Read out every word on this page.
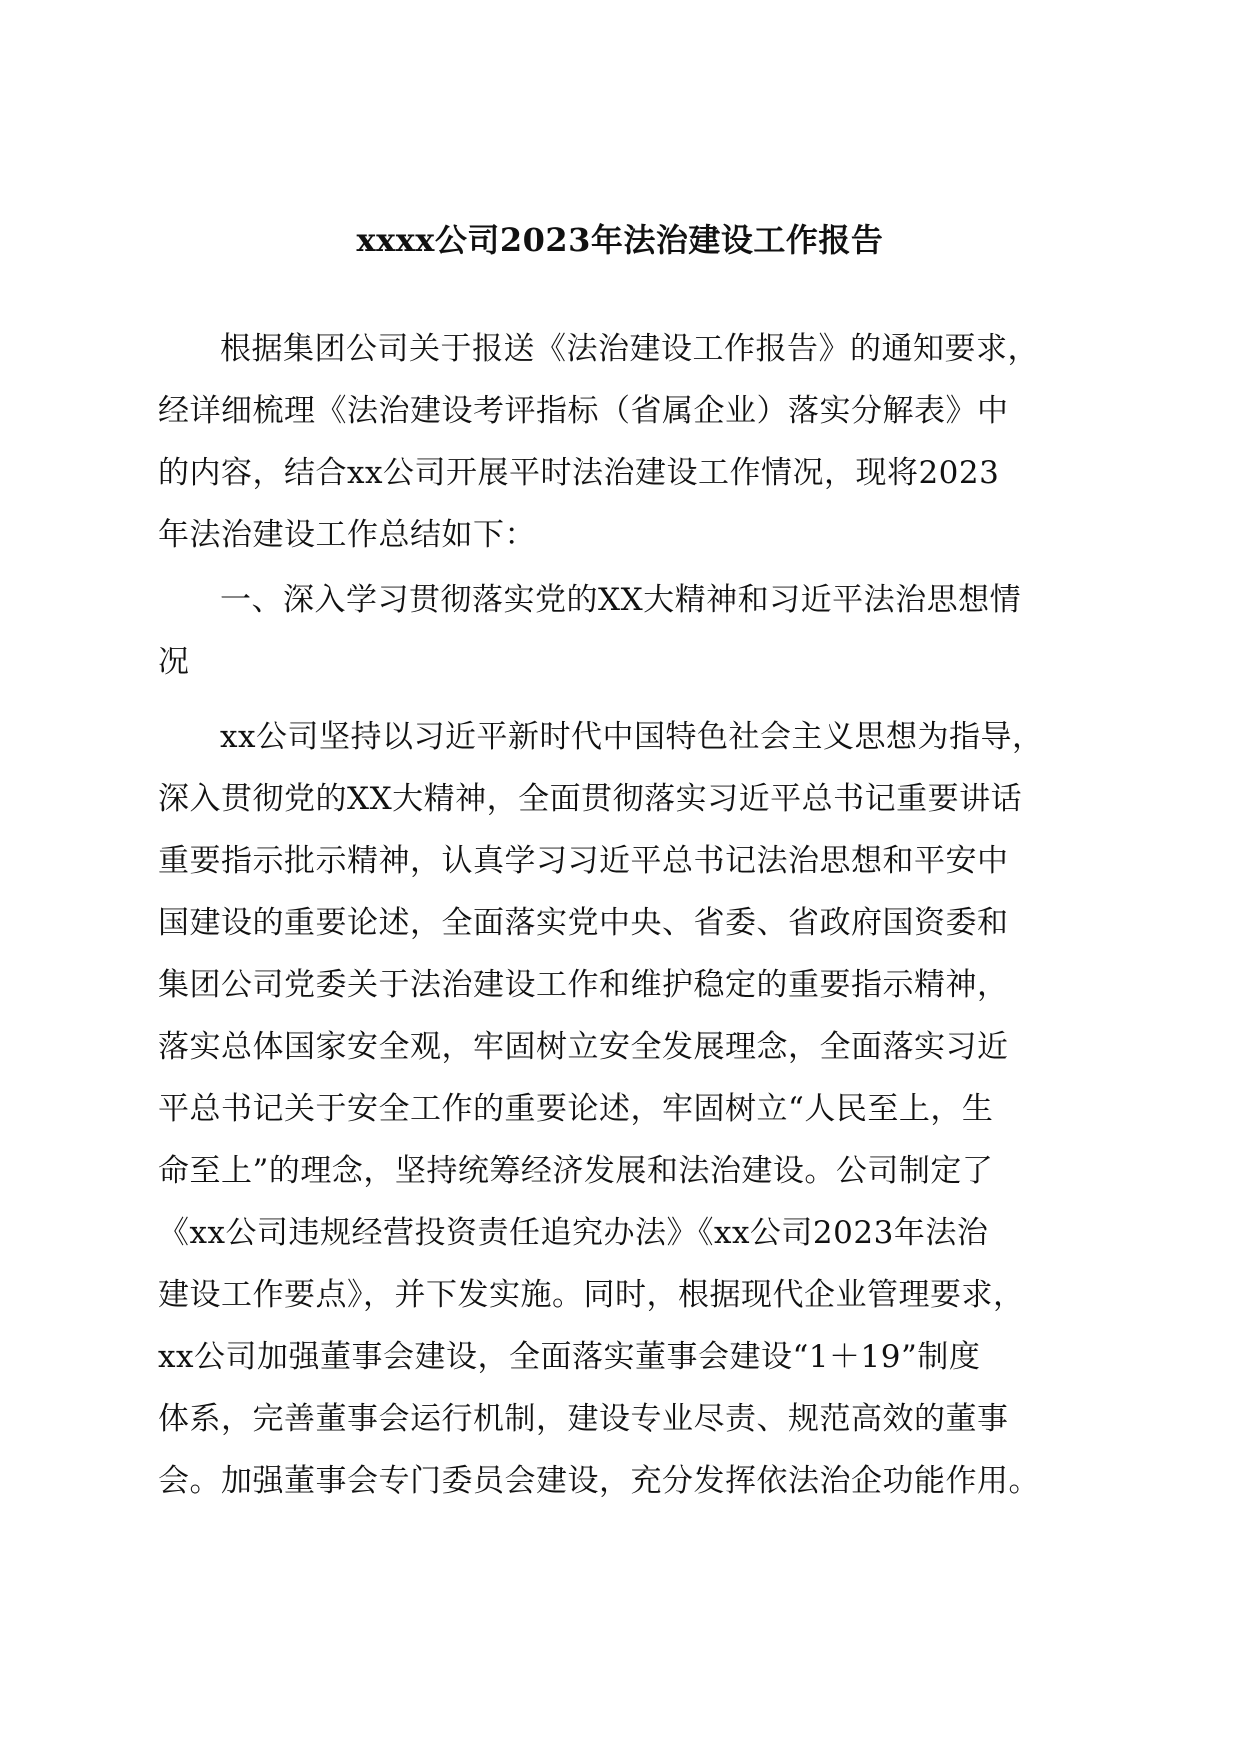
xxxx公司2023年法治建设工作报告
根据集团公司关于报送《法治建设工作报告》的通知要求，
经详细梳理《法治建设考评指标（省属企业）落实分解表》中
的内容，结合xx公司开展平时法治建设工作情况，现将2023
年法治建设工作总结如下：
一、深入学习贯彻落实党的XX大精神和习近平法治思想情
况
xx公司坚持以习近平新时代中国特色社会主义思想为指导，
深入贯彻党的XX大精神，全面贯彻落实习近平总书记重要讲话
重要指示批示精神，认真学习习近平总书记法治思想和平安中
国建设的重要论述，全面落实党中央、省委、省政府国资委和
集团公司党委关于法治建设工作和维护稳定的重要指示精神，
落实总体国家安全观，牢固树立安全发展理念，全面落实习近
平总书记关于安全工作的重要论述，牢固树立“人民至上，生
命至上”的理念，坚持统筹经济发展和法治建设。公司制定了
《xx公司违规经营投资责任追究办法》《xx公司2023年法治
建设工作要点》，并下发实施。同时，根据现代企业管理要求，
xx公司加强董事会建设，全面落实董事会建设“1＋19”制度
体系，完善董事会运行机制，建设专业尽责、规范高效的董事
会。加强董事会专门委员会建设，充分发挥依法治企功能作用。
